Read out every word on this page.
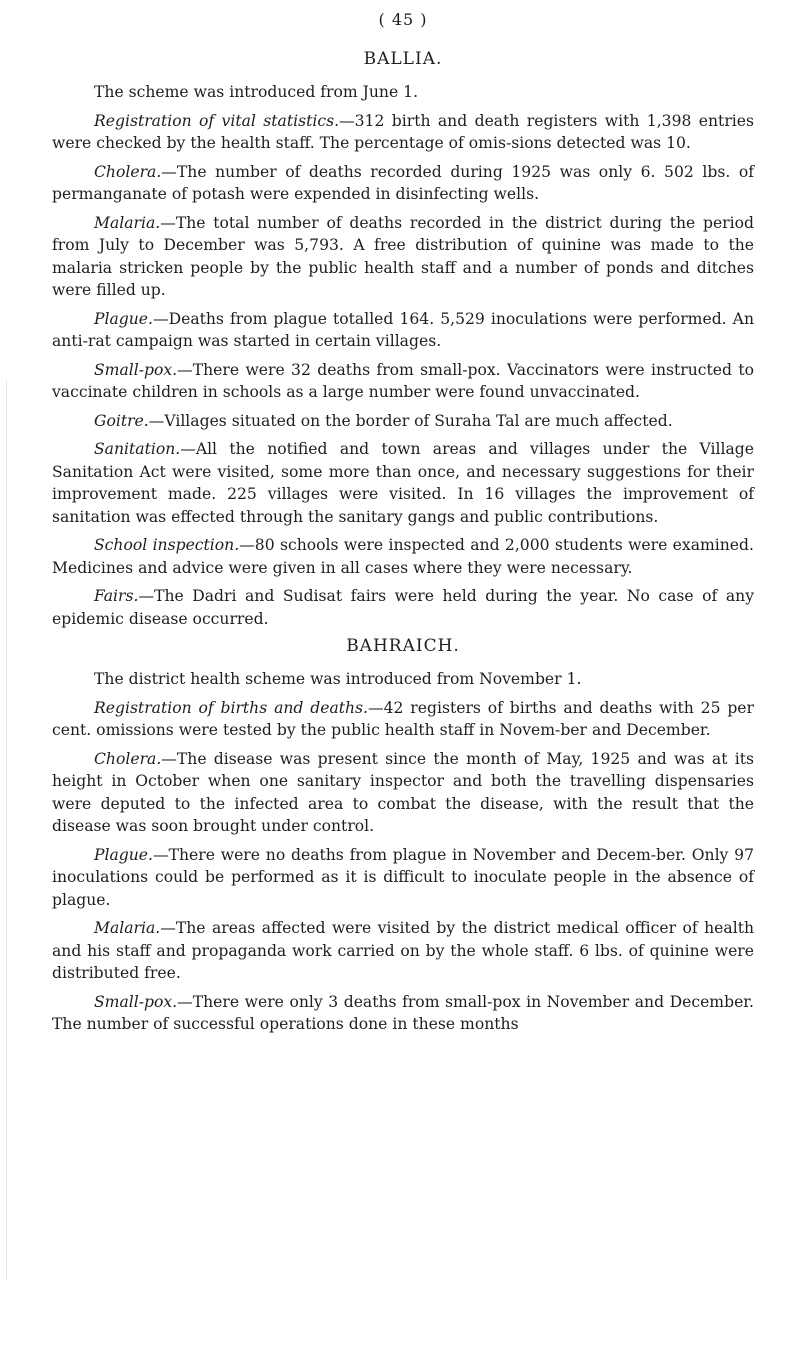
( 45 )
BALLIA.

The scheme was introduced from June 1.

Registration of vital statistics.—312 birth and death registers with 1,398 entries were checked by the health staff. The percentage of omis-sions detected was 10.

Cholera.—The number of deaths recorded during 1925 was only 6. 502 lbs. of permanganate of potash were expended in disinfecting wells.

Malaria.—The total number of deaths recorded in the district during the period from July to December was 5,793. A free distribution of quinine was made to the malaria stricken people by the public health staff and a number of ponds and ditches were filled up.

Plague.—Deaths from plague totalled 164. 5,529 inoculations were performed. An anti-rat campaign was started in certain villages.

Small-pox.—There were 32 deaths from small-pox. Vaccinators were instructed to vaccinate children in schools as a large number were found unvaccinated.

Goitre.—Villages situated on the border of Suraha Tal are much affected.

Sanitation.—All the notified and town areas and villages under the Village Sanitation Act were visited, some more than once, and necessary suggestions for their improvement made. 225 villages were visited. In 16 villages the improvement of sanitation was effected through the sanitary gangs and public contributions.

School inspection.—80 schools were inspected and 2,000 students were examined. Medicines and advice were given in all cases where they were necessary.

Fairs.—The Dadri and Sudisat fairs were held during the year. No case of any epidemic disease occurred.

BAHRAICH.

The district health scheme was introduced from November 1.

Registration of births and deaths.—42 registers of births and deaths with 25 per cent. omissions were tested by the public health staff in Novem-ber and December.

Cholera.—The disease was present since the month of May, 1925 and was at its height in October when one sanitary inspector and both the travelling dispensaries were deputed to the infected area to combat the disease, with the result that the disease was soon brought under control.

Plague.—There were no deaths from plague in November and Decem-ber. Only 97 inoculations could be performed as it is difficult to inoculate people in the absence of plague.

Malaria.—The areas affected were visited by the district medical officer of health and his staff and propaganda work carried on by the whole staff. 6 lbs. of quinine were distributed free.

Small-pox.—There were only 3 deaths from small-pox in November and December. The number of successful operations done in these months
